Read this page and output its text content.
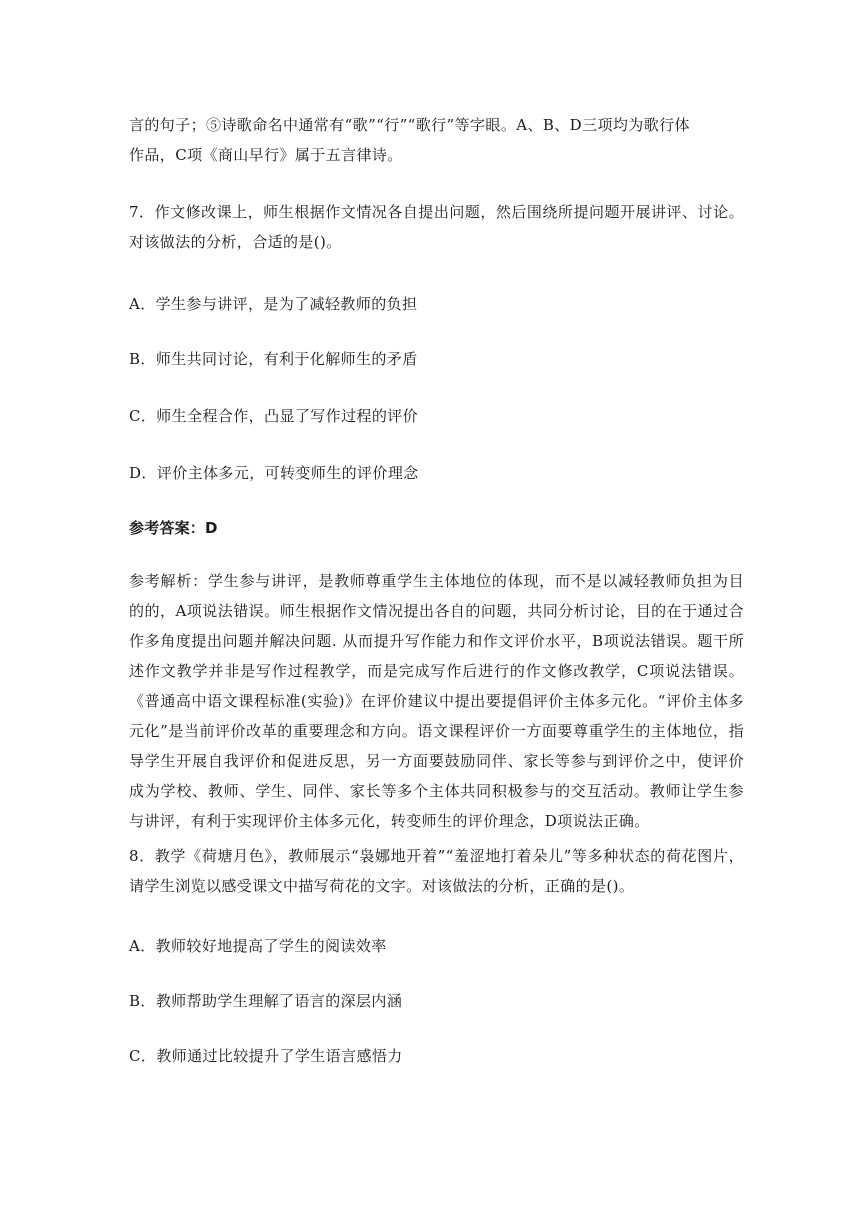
言的句子；⑤诗歌命名中通常有“歌”“行”“歌行”等字眼。A、B、D三项均为歌行体
作品，C项《商山早行》属于五言律诗。
7．作文修改课上，师生根据作文情况各自提出问题，然后围绕所提问题开展讲评、讨论。对该做法的分析，合适的是()。
A．学生参与讲评，是为了减轻教师的负担
B．师生共同讨论，有利于化解师生的矛盾
C．师生全程合作，凸显了写作过程的评价
D．评价主体多元，可转变师生的评价理念
参考答案：D
参考解析：学生参与讲评，是教师尊重学生主体地位的体现，而不是以减轻教师负担为目的的，A项说法错误。师生根据作文情况提出各自的问题，共同分析讨论，目的在于通过合作多角度提出问题并解决问题. 从而提升写作能力和作文评价水平，B项说法错误。题干所述作文教学并非是写作过程教学，而是完成写作后进行的作文修改教学，C项说法错误。《普通高中语文课程标准(实验)》在评价建议中提出要提倡评价主体多元化。“评价主体多元化”是当前评价改革的重要理念和方向。语文课程评价一方面要尊重学生的主体地位，指导学生开展自我评价和促进反思，另一方面要鼓励同伴、家长等参与到评价之中，使评价成为学校、教师、学生、同伴、家长等多个主体共同积极参与的交互活动。教师让学生参与讲评，有利于实现评价主体多元化，转变师生的评价理念，D项说法正确。
8．教学《荷塘月色》，教师展示“袅娜地开着”“羞涩地打着朵儿”等多种状态的荷花图片，请学生浏览以感受课文中描写荷花的文字。对该做法的分析，正确的是()。
A．教师较好地提高了学生的阅读效率
B．教师帮助学生理解了语言的深层内涵
C．教师通过比较提升了学生语言感悟力
